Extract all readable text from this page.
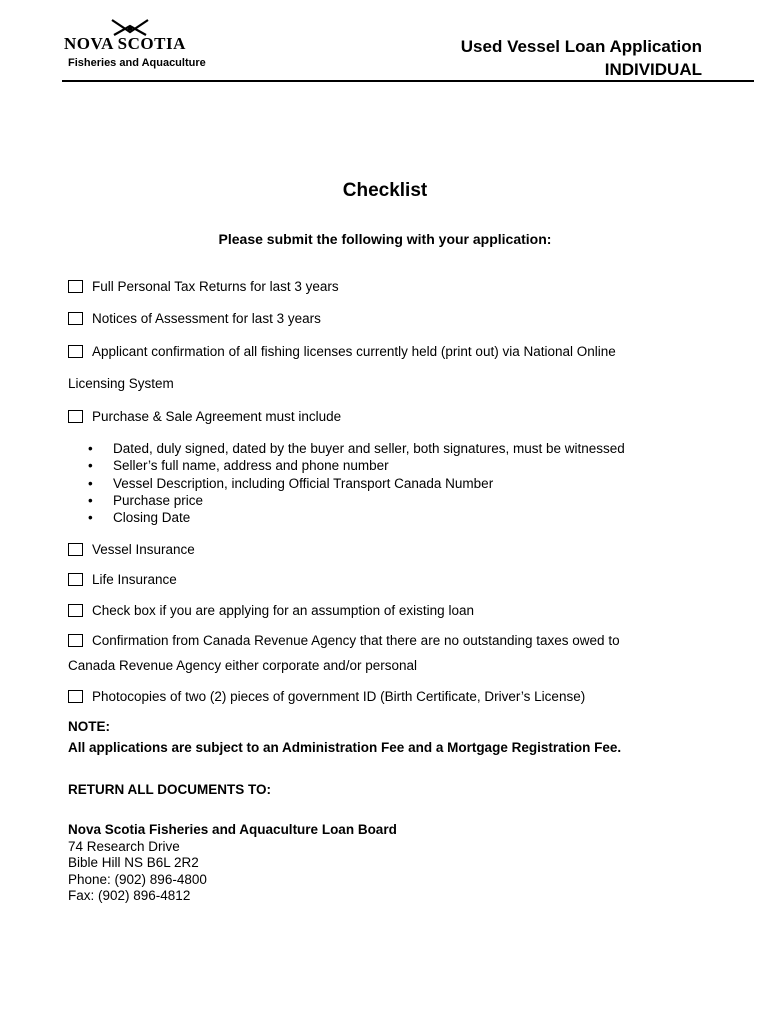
NOVA SCOTIA
Fisheries and Aquaculture
Used Vessel Loan Application
INDIVIDUAL
Checklist
Please submit the following with your application:
Full Personal Tax Returns for last 3 years
Notices of Assessment for last 3 years
Applicant confirmation of all fishing licenses currently held (print out) via National Online
Licensing System
Purchase & Sale Agreement must include
• Dated, duly signed, dated by the buyer and seller, both signatures, must be witnessed
• Seller’s full name, address and phone number
• Vessel Description, including Official Transport Canada Number
• Purchase price
• Closing Date
Vessel Insurance
Life Insurance
Check box if you are applying for an assumption of existing loan
Confirmation from Canada Revenue Agency that there are no outstanding taxes owed to
Canada Revenue Agency either corporate and/or personal
Photocopies of two (2) pieces of government ID (Birth Certificate, Driver’s License)
NOTE:
All applications are subject to an Administration Fee and a Mortgage Registration Fee.
RETURN ALL DOCUMENTS TO:
Nova Scotia Fisheries and Aquaculture Loan Board
74 Research Drive
Bible Hill NS B6L 2R2
Phone: (902) 896-4800
Fax: (902) 896-4812
